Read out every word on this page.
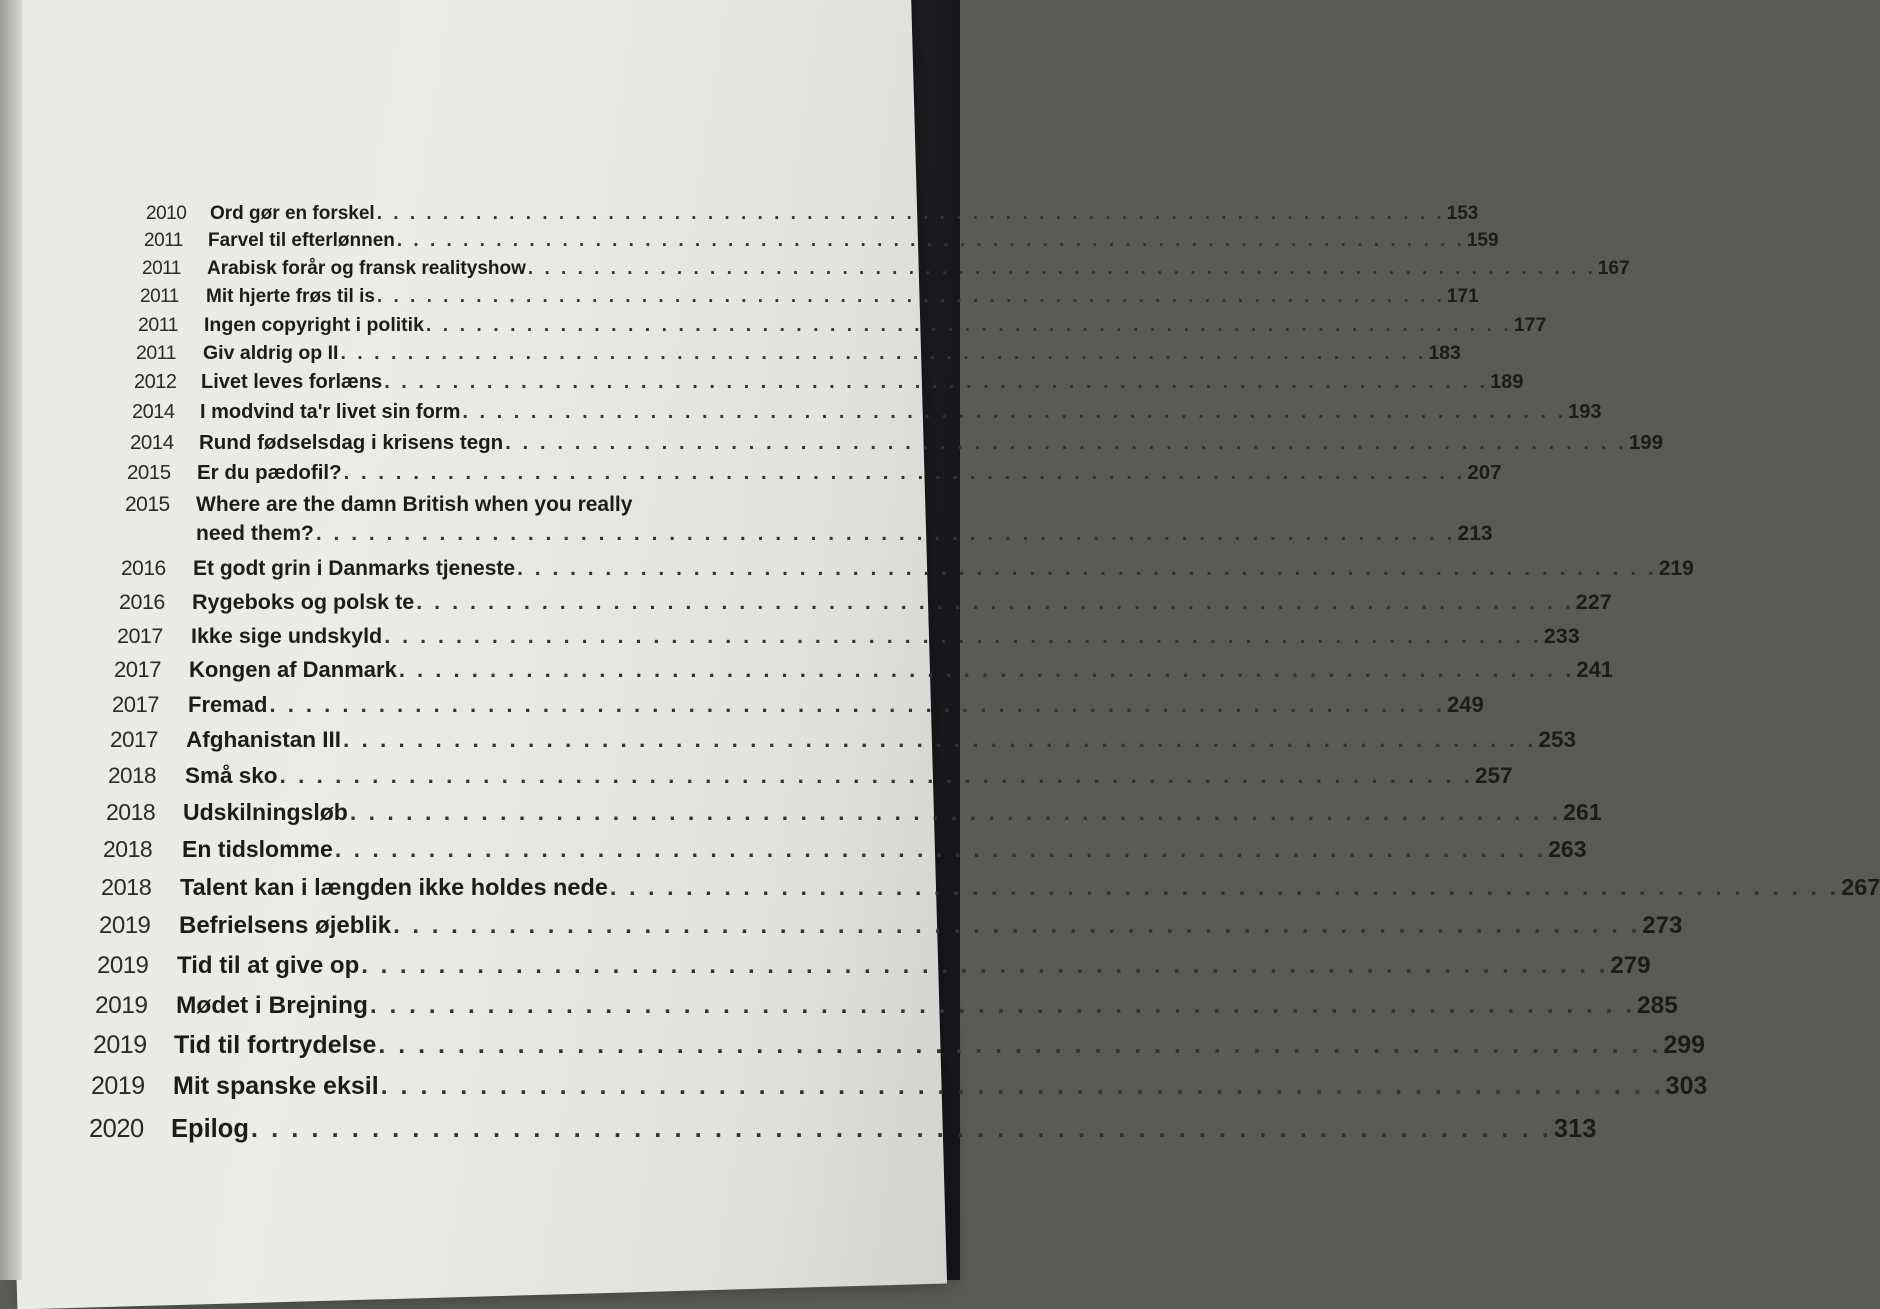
2010 Ord gør en forskel . . . . . . . . . . . . . . . . . . . . . . . . . . . . . . . . . . . . . . . . . . . . . . . . . . . . . . . . . . . . . . . . . 153
2011 Farvel til efterlønnen . . . . . . . . . . . . . . . . . . . . . . . . . . . . . . . . . . . . . . . . . . . . . . . . . . . . . . . . . . . . . . . . . 159
2011 Arabisk forår og fransk realityshow . . . . . . . . . . . . . . . . . . . . . . . . . . . . . . . . . . . . . . . . . . . . . . . . . . . . . . . . . . . . . . . . . 167
2011 Mit hjerte frøs til is . . . . . . . . . . . . . . . . . . . . . . . . . . . . . . . . . . . . . . . . . . . . . . . . . . . . . . . . . . . . . . . . . 171
2011 Ingen copyright i politik . . . . . . . . . . . . . . . . . . . . . . . . . . . . . . . . . . . . . . . . . . . . . . . . . . . . . . . . . . . . . . . . . 177
2011 Giv aldrig op II . . . . . . . . . . . . . . . . . . . . . . . . . . . . . . . . . . . . . . . . . . . . . . . . . . . . . . . . . . . . . . . . . 183
2012 Livet leves forlæns . . . . . . . . . . . . . . . . . . . . . . . . . . . . . . . . . . . . . . . . . . . . . . . . . . . . . . . . . . . . . . . . . 189
2014 I modvind ta'r livet sin form . . . . . . . . . . . . . . . . . . . . . . . . . . . . . . . . . . . . . . . . . . . . . . . . . . . . . . . . . . . . . . . . . 193
2014 Rund fødselsdag i krisens tegn . . . . . . . . . . . . . . . . . . . . . . . . . . . . . . . . . . . . . . . . . . . . . . . . . . . . . . . . . . . . . . . . . 199
2015 Er du pædofil? . . . . . . . . . . . . . . . . . . . . . . . . . . . . . . . . . . . . . . . . . . . . . . . . . . . . . . . . . . . . . . . . . 207
2015 Where are the damn British when you really
need them? . . . . . . . . . . . . . . . . . . . . . . . . . . . . . . . . . . . . . . . . . . . . . . . . . . . . . . . . . . . . . . . . . 213
2016 Et godt grin i Danmarks tjeneste . . . . . . . . . . . . . . . . . . . . . . . . . . . . . . . . . . . . . . . . . . . . . . . . . . . . . . . . . . . . . . . . . 219
2016 Rygeboks og polsk te . . . . . . . . . . . . . . . . . . . . . . . . . . . . . . . . . . . . . . . . . . . . . . . . . . . . . . . . . . . . . . . . . 227
2017 Ikke sige undskyld . . . . . . . . . . . . . . . . . . . . . . . . . . . . . . . . . . . . . . . . . . . . . . . . . . . . . . . . . . . . . . . . . 233
2017 Kongen af Danmark . . . . . . . . . . . . . . . . . . . . . . . . . . . . . . . . . . . . . . . . . . . . . . . . . . . . . . . . . . . . . . . . . 241
2017 Fremad . . . . . . . . . . . . . . . . . . . . . . . . . . . . . . . . . . . . . . . . . . . . . . . . . . . . . . . . . . . . . . . . . 249
2017 Afghanistan III . . . . . . . . . . . . . . . . . . . . . . . . . . . . . . . . . . . . . . . . . . . . . . . . . . . . . . . . . . . . . . . . . 253
2018 Små sko . . . . . . . . . . . . . . . . . . . . . . . . . . . . . . . . . . . . . . . . . . . . . . . . . . . . . . . . . . . . . . . . . 257
2018 Udskilningsløb . . . . . . . . . . . . . . . . . . . . . . . . . . . . . . . . . . . . . . . . . . . . . . . . . . . . . . . . . . . . . . . . . 261
2018 En tidslomme . . . . . . . . . . . . . . . . . . . . . . . . . . . . . . . . . . . . . . . . . . . . . . . . . . . . . . . . . . . . . . . . . 263
2018 Talent kan i længden ikke holdes nede . . . . . . . . . . . . . . . . . . . . . . . . . . . . . . . . . . . . . . . . . . . . . . . . . . . . . . . . . . . . . . . . . 267
2019 Befrielsens øjeblik . . . . . . . . . . . . . . . . . . . . . . . . . . . . . . . . . . . . . . . . . . . . . . . . . . . . . . . . . . . . . . . . . 273
2019 Tid til at give op . . . . . . . . . . . . . . . . . . . . . . . . . . . . . . . . . . . . . . . . . . . . . . . . . . . . . . . . . . . . . . . . . 279
2019 Mødet i Brejning . . . . . . . . . . . . . . . . . . . . . . . . . . . . . . . . . . . . . . . . . . . . . . . . . . . . . . . . . . . . . . . . . 285
2019 Tid til fortrydelse . . . . . . . . . . . . . . . . . . . . . . . . . . . . . . . . . . . . . . . . . . . . . . . . . . . . . . . . . . . . . . . . . 299
2019 Mit spanske eksil . . . . . . . . . . . . . . . . . . . . . . . . . . . . . . . . . . . . . . . . . . . . . . . . . . . . . . . . . . . . . . . . . 303
2020 Epilog . . . . . . . . . . . . . . . . . . . . . . . . . . . . . . . . . . . . . . . . . . . . . . . . . . . . . . . . . . . . . . . . . 313
